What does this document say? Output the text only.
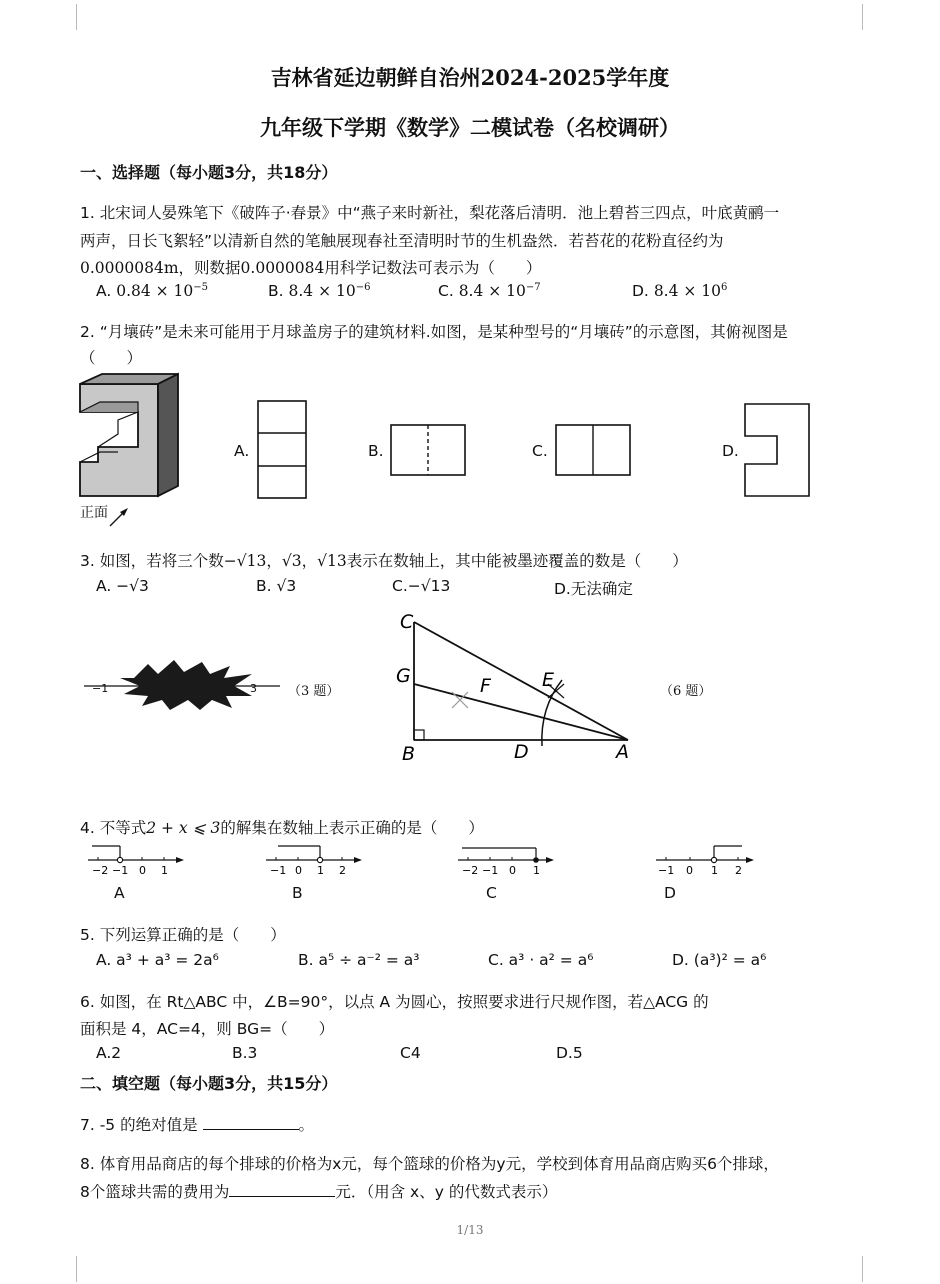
吉林省延边朝鲜自治州2024-2025学年度
九年级下学期《数学》二模试卷（名校调研）
一、选择题（每小题3分，共18分）
1. 北宋词人晏殊笔下《破阵子·春景》中“燕子来时新社，梨花落后清明．池上碧苔三四点，叶底黄鹂一
两声，日长飞絮轻”以清新自然的笔触展现春社至清明时节的生机盎然．若苔花的花粉直径约为
0.0000084m，则数据0.0000084用科学记数法可表示为（　　）
A. $0.84 \times 10^{-5}$	B. $8.4 \times 10^{-6}$	C. $8.4 \times 10^{-7}$	D. $8.4 \times 10^6$
2. “月壤砖”是未来可能用于月球盖房子的建筑材料.如图，是某种型号的“月壤砖”的示意图，其俯视图是
（　　）
正面
A.	B.	C.	D.
3. 如图，若将三个数−√13，√3，√13表示在数轴上，其中能被墨迹覆盖的数是（　　）
A. −√3	B. √3	C.−√13	D.无法确定
−1	3 （3 题）
C
G	F	E
B	D	A
（6 题）
4. 不等式2 + x ⩽ 3的解集在数轴上表示正确的是（　　）
−2 −1 0 1
A
−1 0 1 2
B
−2 −1 0 1
C
−1 0 1 2
D
5. 下列运算正确的是（　　）
A. a³ + a³ = 2a⁶	B. a⁵ ÷ a⁻² = a³	C. a³ · a² = a⁶	D. (a³)² = a⁶
6. 如图，在 Rt△ABC 中，∠B=90°，以点 A 为圆心，按照要求进行尺规作图，若△ACG 的
面积是 4，AC=4，则 BG=（　　）
A.2	B.3	C4	D.5
二、填空题（每小题3分，共15分）
7. -5 的绝对值是	。
8. 体育用品商店的每个排球的价格为x元，每个篮球的价格为y元，学校到体育用品商店购买6个排球，
8个篮球共需的费用为	元．（用含 x、y 的代数式表示）
1/13
